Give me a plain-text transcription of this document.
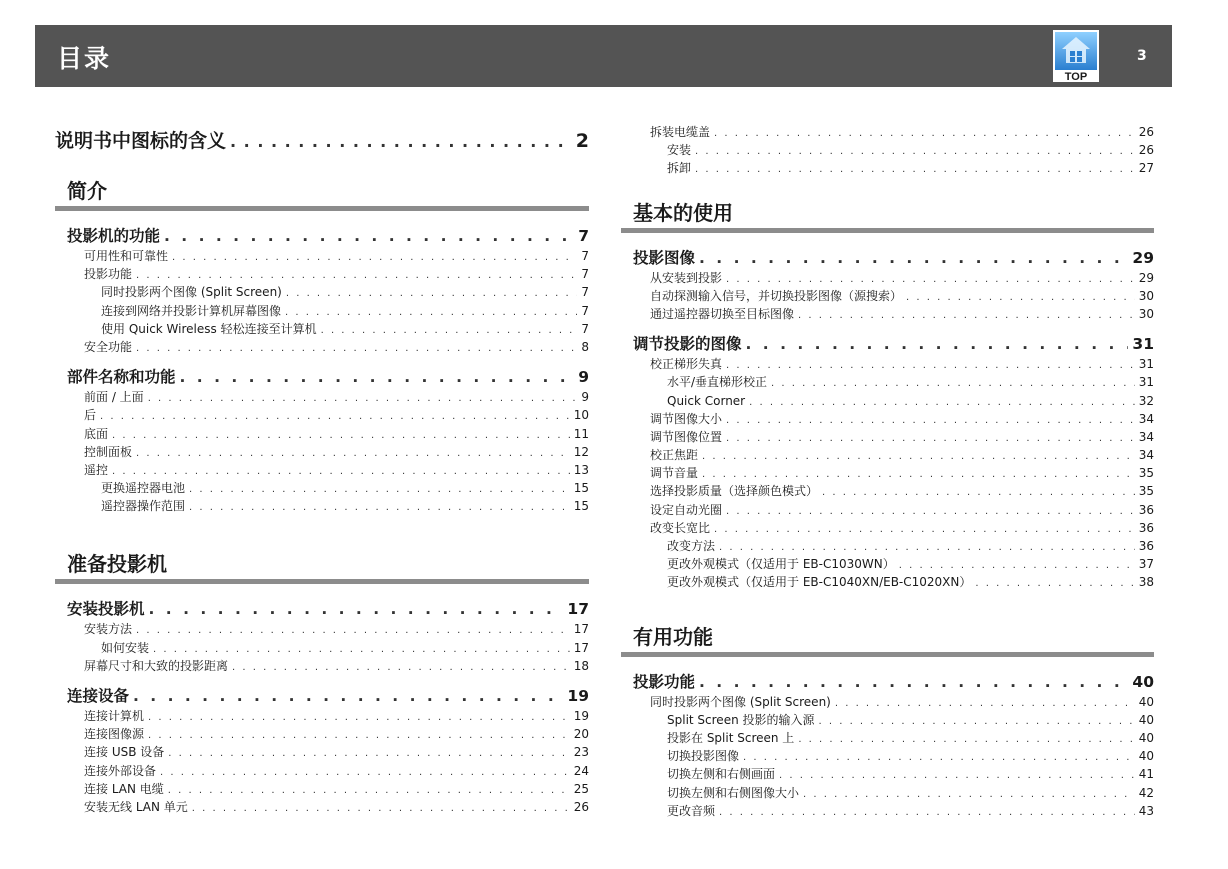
目录
TOP
3
说明书中图标的含义 . . .	2
简介
投影机的功能 . . .	7
可用性和可靠性 . . .	7
投影功能 . . .	7
同时投影两个图像 (Split Screen) . . .	7
连接到网络并投影计算机屏幕图像 . . .	7
使用 Quick Wireless 轻松连接至计算机 . . .	7
安全功能 . . .	8
部件名称和功能 . . .	9
前面 / 上面 . . .	9
后 . . .	10
底面 . . .	11
控制面板 . . .	12
遥控 . . .	13
更换遥控器电池 . . .	15
遥控器操作范围 . . .	15
准备投影机
安装投影机 . . .	17
安装方法 . . .	17
如何安装 . . .	17
屏幕尺寸和大致的投影距离 . . .	18
连接设备 . . .	19
连接计算机 . . .	19
连接图像源 . . .	20
连接 USB 设备 . . .	23
连接外部设备 . . .	24
连接 LAN 电缆 . . .	25
安装无线 LAN 单元 . . .	26
拆装电缆盖 . . .	26
安装 . . .	26
拆卸 . . .	27
基本的使用
投影图像 . . .	29
从安装到投影 . . .	29
自动探测输入信号，并切换投影图像（源搜索） . . .	30
通过遥控器切换至目标图像 . . .	30
调节投影的图像 . . .	31
校正梯形失真 . . .	31
水平/垂直梯形校正 . . .	31
Quick Corner . . .	32
调节图像大小 . . .	34
调节图像位置 . . .	34
校正焦距 . . .	34
调节音量 . . .	35
选择投影质量（选择颜色模式） . . .	35
设定自动光圈 . . .	36
改变长宽比 . . .	36
改变方法 . . .	36
更改外观模式（仅适用于 EB-C1030WN） . . .	37
更改外观模式（仅适用于 EB-C1040XN/EB-C1020XN） . . .	38
有用功能
投影功能 . . .	40
同时投影两个图像 (Split Screen) . . .	40
Split Screen 投影的输入源 . . .	40
投影在 Split Screen 上 . . .	40
切换投影图像 . . .	40
切换左侧和右侧画面 . . .	41
切换左侧和右侧图像大小 . . .	42
更改音频 . . .	43
